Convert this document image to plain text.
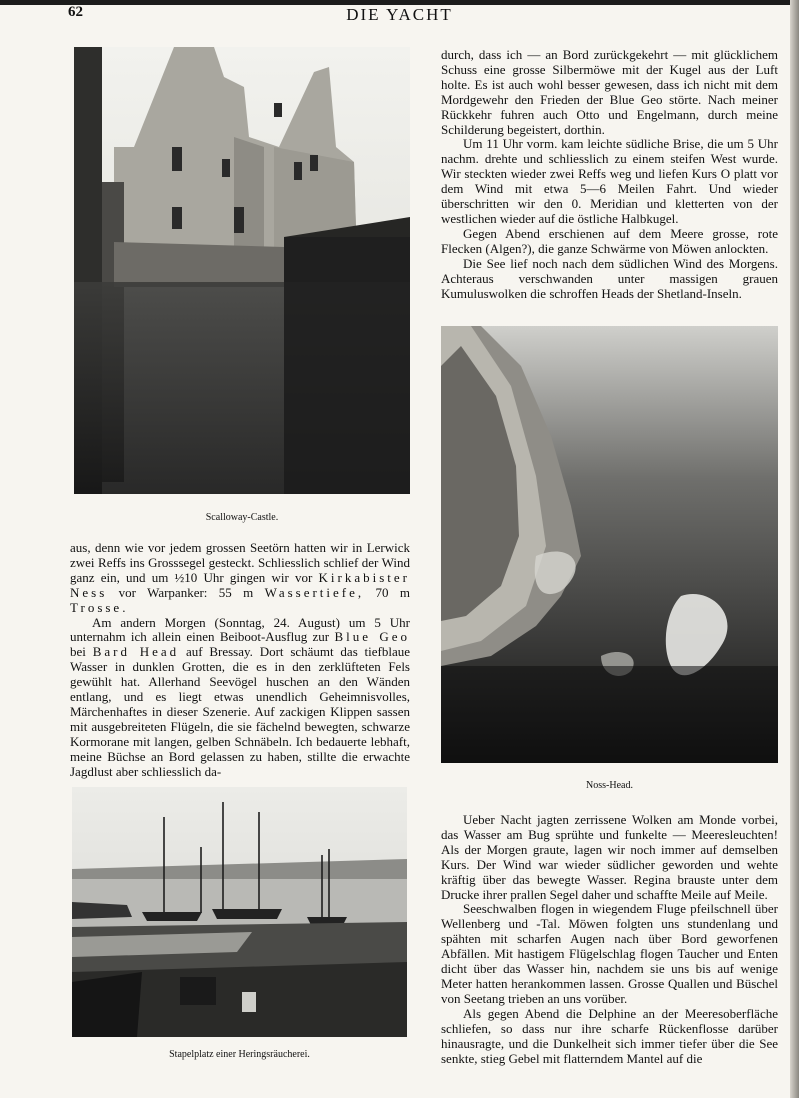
62	DIE YACHT
Scalloway-Castle.
Noss-Head.
Stapelplatz einer Heringsräucherei.

durch, dass ich — an Bord zurückgekehrt — mit glücklichem Schuss eine grosse Silbermöwe mit der Kugel aus der Luft holte. Es ist auch wohl besser gewesen, dass ich nicht mit dem Mordgewehr den Frieden der Blue Geo störte. Nach meiner Rückkehr fuhren auch Otto und Engelmann, durch meine Schilderung begeistert, dorthin.

Um 11 Uhr vorm. kam leichte südliche Brise, die um 5 Uhr nachm. drehte und schliesslich zu einem steifen West wurde. Wir steckten wieder zwei Reffs weg und liefen Kurs O platt vor dem Wind mit etwa 5—6 Meilen Fahrt. Und wieder überschritten wir den 0. Meridian und kletterten von der westlichen wieder auf die östliche Halbkugel.

Gegen Abend erschienen auf dem Meere grosse, rote Flecken (Algen?), die ganze Schwärme von Möwen anlockten.

Die See lief noch nach dem südlichen Wind des Morgens. Achteraus verschwanden unter massigen grauen Kumuluswolken die schroffen Heads der Shetland-Inseln.

aus, denn wie vor jedem grossen Seetörn hatten wir in Lerwick zwei Reffs ins Grosssegel gesteckt. Schliesslich schlief der Wind ganz ein, und um ½10 Uhr gingen wir vor Kirkabister Ness vor Warpanker: 55 m Wassertiefe, 70 m Trosse.

Am andern Morgen (Sonntag, 24. August) um 5 Uhr unternahm ich allein einen Beiboot-Ausflug zur Blue Geo bei Bard Head auf Bressay. Dort schäumt das tiefblaue Wasser in dunklen Grotten, die es in den zerklüfteten Fels gewühlt hat. Allerhand Seevögel huschen an den Wänden entlang, und es liegt etwas unendlich Geheimnisvolles, Märchenhaftes in dieser Szenerie. Auf zackigen Klippen sassen mit ausgebreiteten Flügeln, die sie fächelnd bewegten, schwarze Kormorane mit langen, gelben Schnäbeln. Ich bedauerte lebhaft, meine Büchse an Bord gelassen zu haben, stillte die erwachte Jagdlust aber schliesslich da-

Ueber Nacht jagten zerrissene Wolken am Monde vorbei, das Wasser am Bug sprühte und funkelte — Meeresleuchten! Als der Morgen graute, lagen wir noch immer auf demselben Kurs. Der Wind war wieder südlicher geworden und wehte kräftig über das bewegte Wasser. Regina brauste unter dem Drucke ihrer prallen Segel daher und schaffte Meile auf Meile.

Seeschwalben flogen in wiegendem Fluge pfeilschnell über Wellenberg und -Tal. Möwen folgten uns stundenlang und spähten mit scharfen Augen nach über Bord geworfenen Abfällen. Mit hastigem Flügelschlag flogen Taucher und Enten dicht über das Wasser hin, nachdem sie uns bis auf wenige Meter hatten herankommen lassen. Grosse Quallen und Büschel von Seetang trieben an uns vorüber.

Als gegen Abend die Delphine an der Meeresoberfläche schliefen, so dass nur ihre scharfe Rückenflosse darüber hinausragte, und die Dunkelheit sich immer tiefer über die See senkte, stieg Gebel mit flatterndem Mantel auf die
